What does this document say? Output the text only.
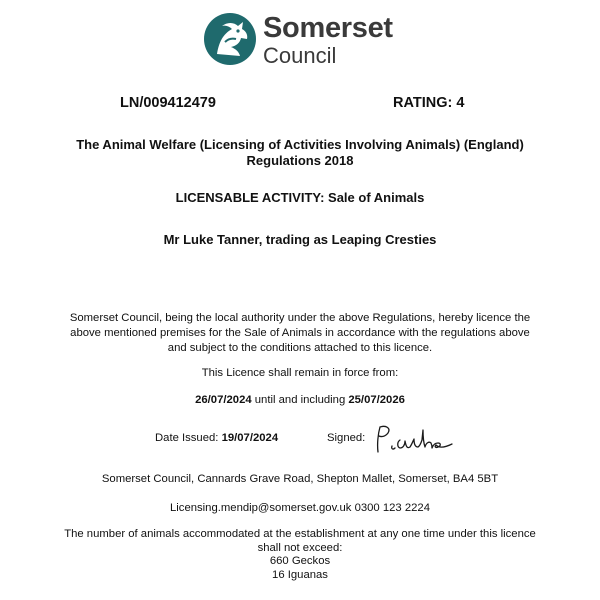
Somerset
Council
LN/009412479	RATING: 4
The Animal Welfare (Licensing of Activities Involving Animals) (England)
Regulations 2018
LICENSABLE ACTIVITY: Sale of Animals
Mr Luke Tanner, trading as Leaping Cresties
Somerset Council, being the local authority under the above Regulations, hereby licence the
above mentioned premises for the Sale of Animals in accordance with the regulations above
and subject to the conditions attached to this licence.
This Licence shall remain in force from:
26/07/2024 until and including 25/07/2026
Date Issued: 19/07/2024	Signed:
Somerset Council, Cannards Grave Road, Shepton Mallet, Somerset, BA4 5BT
Licensing.mendip@somerset.gov.uk 0300 123 2224
The number of animals accommodated at the establishment at any one time under this licence
shall not exceed:
660 Geckos
16 Iguanas
